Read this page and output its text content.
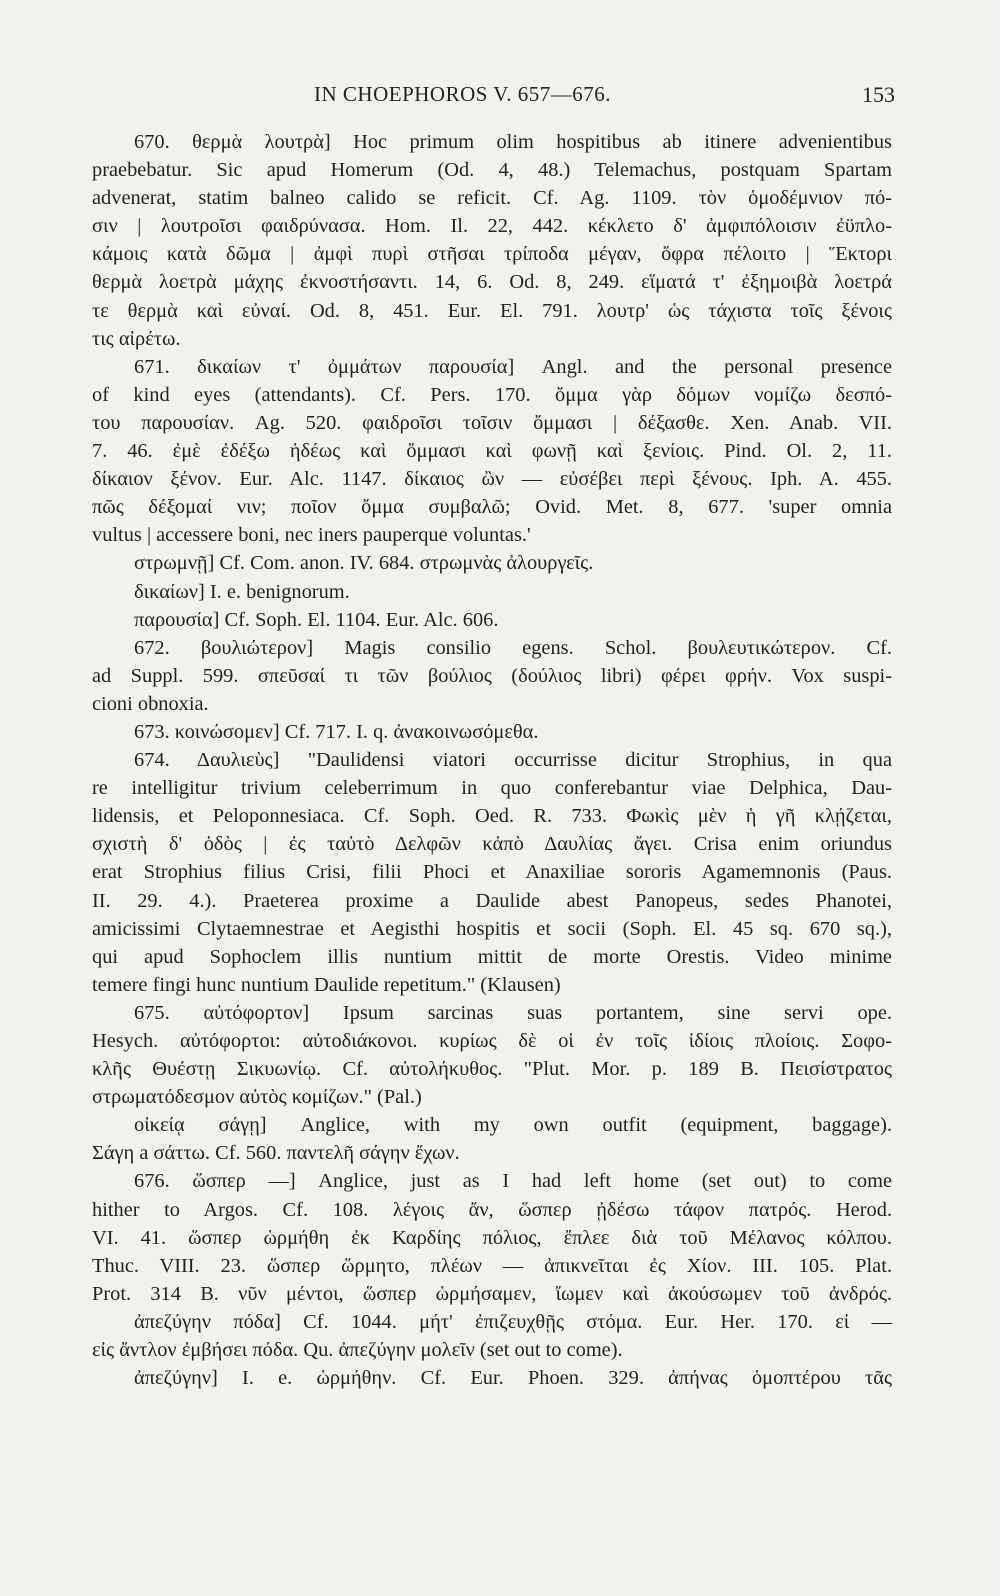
IN CHOEPHOROS V. 657—676.	153
670. θερμὰ λουτρὰ] Hoc primum olim hospitibus ab itinere advenientibus
praebebatur. Sic apud Homerum (Od. 4, 48.) Telemachus, postquam Spartam
advenerat, statim balneo calido se reficit. Cf. Ag. 1109. τὸν ὁμοδέμνιον πό-
σιν | λουτροῖσι φαιδρύνασα. Hom. Il. 22, 442. κέκλετο δ' ἀμφιπόλοισιν ἐϋπλο-
κάμοις κατὰ δῶμα | ἀμφὶ πυρὶ στῆσαι τρίποδα μέγαν, ὄφρα πέλοιτο | Ἕκτορι
θερμὰ λοετρὰ μάχης ἐκνοστήσαντι. 14, 6. Od. 8, 249. εἵματά τ' ἐξημοιβὰ λοετρά
τε θερμὰ καὶ εὐναί. Od. 8, 451. Eur. El. 791. λουτρ' ὡς τάχιστα τοῖς ξένοις
τις αἰρέτω.
671. δικαίων τ' ὀμμάτων παρουσία] Angl. and the personal presence
of kind eyes (attendants). Cf. Pers. 170. ὄμμα γὰρ δόμων νομίζω δεσπό-
του παρουσίαν. Ag. 520. φαιδροῖσι τοῖσιν ὄμμασι | δέξασθε. Xen. Anab. VII.
7. 46. ἐμὲ ἐδέξω ἡδέως καὶ ὄμμασι καὶ φωνῇ καὶ ξενίοις. Pind. Ol. 2, 11.
δίκαιον ξένον. Eur. Alc. 1147. δίκαιος ὢν — εὐσέβει περὶ ξένους. Iph. A. 455.
πῶς δέξομαί νιν; ποῖον ὄμμα συμβαλῶ; Ovid. Met. 8, 677. 'super omnia
vultus | accessere boni, nec iners pauperque voluntas.'
στρωμνῇ] Cf. Com. anon. IV. 684. στρωμνὰς ἀλουργεῖς.
δικαίων] I. e. benignorum.
παρουσία] Cf. Soph. El. 1104. Eur. Alc. 606.
672. βουλιώτερον] Magis consilio egens. Schol. βουλευτικώτερον. Cf.
ad Suppl. 599. σπεῦσαί τι τῶν βούλιος (δούλιος libri) φέρει φρήν. Vox suspi-
cioni obnoxia.
673. κοινώσομεν] Cf. 717. I. q. ἀνακοινωσόμεθα.
674. Δαυλιεὺς] "Daulidensi viatori occurrisse dicitur Strophius, in qua
re intelligitur trivium celeberrimum in quo conferebantur viae Delphica, Dau-
lidensis, et Peloponnesiaca. Cf. Soph. Oed. R. 733. Φωκὶς μὲν ἡ γῆ κλῄζεται,
σχιστὴ δ' ὁδὸς | ἐς ταὐτὸ Δελφῶν κἀπὸ Δαυλίας ἄγει. Crisa enim oriundus
erat Strophius filius Crisi, filii Phoci et Anaxiliae sororis Agamemnonis (Paus.
II. 29. 4.). Praeterea proxime a Daulide abest Panopeus, sedes Phanotei,
amicissimi Clytaemnestrae et Aegisthi hospitis et socii (Soph. El. 45 sq. 670 sq.),
qui apud Sophoclem illis nuntium mittit de morte Orestis. Video minime
temere fingi hunc nuntium Daulide repetitum." (Klausen)
675. αὐτόφορτον] Ipsum sarcinas suas portantem, sine servi ope.
Hesych. αὐτόφορτοι: αὐτοδιάκονοι. κυρίως δὲ οἱ ἐν τοῖς ἰδίοις πλοίοις. Σοφο-
κλῆς Θυέστῃ Σικυωνίῳ. Cf. αὐτολήκυθος. "Plut. Mor. p. 189 B. Πεισίστρατος
στρωματόδεσμον αὐτὸς κομίζων." (Pal.)
οἰκείᾳ σάγῃ] Anglice, with my own outfit (equipment, baggage).
Σάγη a σάττω. Cf. 560. παντελῆ σάγην ἔχων.
676. ὥσπερ —] Anglice, just as I had left home (set out) to come
hither to Argos. Cf. 108. λέγοις ἄν, ὥσπερ ᾐδέσω τάφον πατρός. Herod.
VI. 41. ὥσπερ ὡρμήθη ἐκ Καρδίης πόλιος, ἔπλεε διὰ τοῦ Μέλανος κόλπου.
Thuc. VIII. 23. ὥσπερ ὥρμητο, πλέων — ἀπικνεῖται ἐς Χίον. III. 105. Plat.
Prot. 314 B. νῦν μέντοι, ὥσπερ ὡρμήσαμεν, ἴωμεν καὶ ἀκούσωμεν τοῦ ἀνδρός.
ἀπεζύγην πόδα] Cf. 1044. μήτ' ἐπιζευχθῇς στόμα. Eur. Her. 170. εἰ —
εἰς ἄντλον ἐμβήσει πόδα. Qu. ἀπεζύγην μολεῖν (set out to come).
ἀπεζύγην] I. e. ὡρμήθην. Cf. Eur. Phoen. 329. ἀπήνας ὁμοπτέρου τᾶς
